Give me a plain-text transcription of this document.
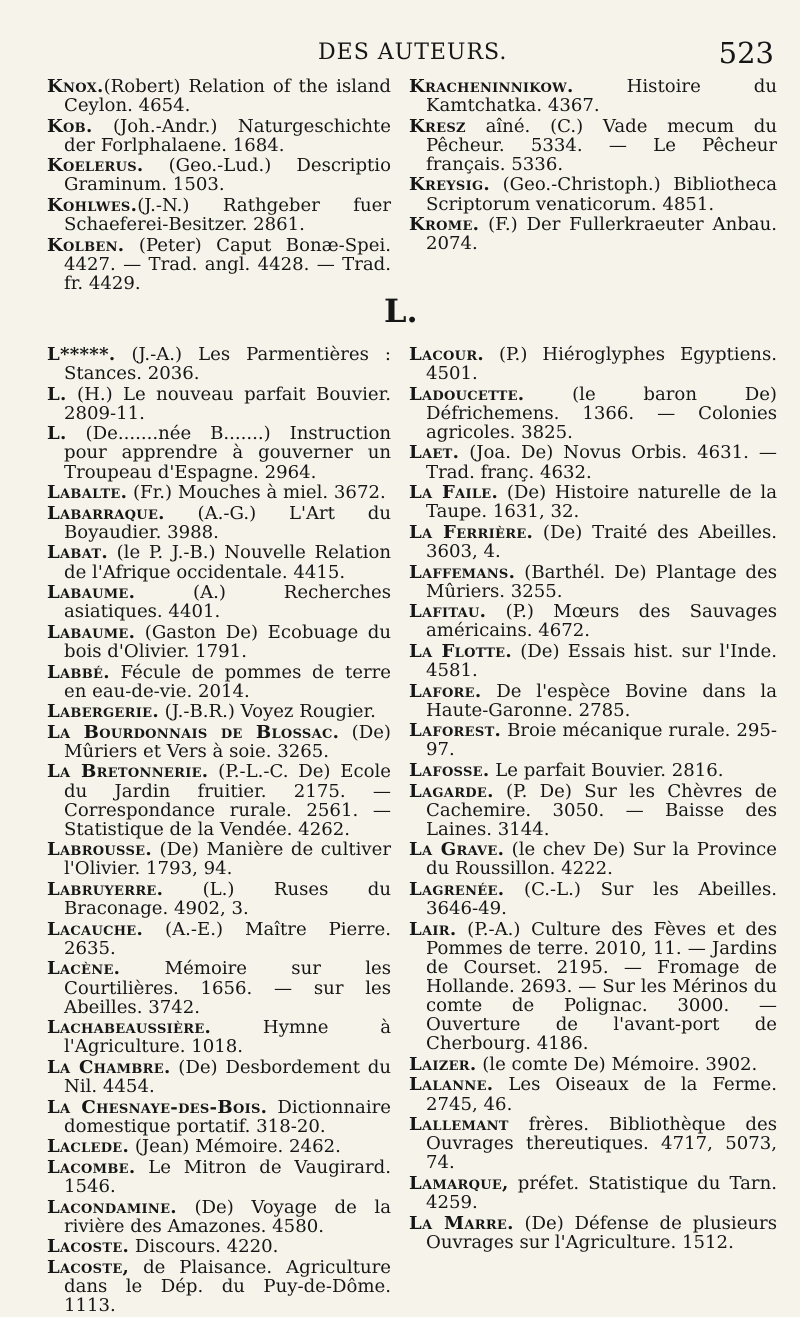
DES AUTEURS.	523

Knox.(Robert) Relation of the island Ceylon. 4654.

Kob. (Joh.-Andr.) Naturgeschichte der Forlphalaene. 1684.

Koelerus. (Geo.-Lud.) Descriptio Graminum. 1503.

Kohlwes.(J.-N.) Rathgeber fuer Schaeferei-Besitzer. 2861.

Kolben. (Peter) Caput Bonæ-Spei. 4427. — Trad. angl. 4428. — Trad. fr. 4429.

Kracheninnikow. Histoire du Kamtchatka. 4367.

Kresz aîné. (C.) Vade mecum du Pêcheur. 5334. — Le Pêcheur français. 5336.

Kreysig. (Geo.-Christoph.) Bibliotheca Scriptorum venaticorum. 4851.

Krome. (F.) Der Fullerkraeuter Anbau. 2074.

L.

L*****. (J.-A.) Les Parmentières : Stances. 2036.

L. (H.) Le nouveau parfait Bouvier. 2809-11.

L. (De.......née B.......) Instruction pour apprendre à gouverner un Troupeau d'Espagne. 2964.

Labalte. (Fr.) Mouches à miel. 3672.

Labarraque. (A.-G.) L'Art du Boyaudier. 3988.

Labat. (le P. J.-B.) Nouvelle Relation de l'Afrique occidentale. 4415.

Labaume. (A.) Recherches asiatiques. 4401.

Labaume. (Gaston De) Ecobuage du bois d'Olivier. 1791.

Labbé. Fécule de pommes de terre en eau-de-vie. 2014.

Labergerie. (J.-B.R.) Voyez Rougier.

La Bourdonnais de Blossac. (De) Mûriers et Vers à soie. 3265.

La Bretonnerie. (P.-L.-C. De) Ecole du Jardin fruitier. 2175. — Correspondance rurale. 2561. — Statistique de la Vendée. 4262.

Labrousse. (De) Manière de cultiver l'Olivier. 1793, 94.

Labruyerre. (L.) Ruses du Braconage. 4902, 3.

Lacauche. (A.-E.) Maître Pierre. 2635.

Lacène. Mémoire sur les Courtilières. 1656. — sur les Abeilles. 3742.

Lachabeaussière. Hymne à l'Agriculture. 1018.

La Chambre. (De) Desbordement du Nil. 4454.

La Chesnaye-des-Bois. Dictionnaire domestique portatif. 318-20.

Laclede. (Jean) Mémoire. 2462.

Lacombe. Le Mitron de Vaugirard. 1546.

Lacondamine. (De) Voyage de la rivière des Amazones. 4580.

Lacoste. Discours. 4220.

Lacoste, de Plaisance. Agriculture dans le Dép. du Puy-de-Dôme. 1113.

Lacour. (P.) Hiéroglyphes Egyptiens. 4501.

Ladoucette. (le baron De) Défrichemens. 1366. — Colonies agricoles. 3825.

Laet. (Joa. De) Novus Orbis. 4631. — Trad. franç. 4632.

La Faile. (De) Histoire naturelle de la Taupe. 1631, 32.

La Ferrière. (De) Traité des Abeilles. 3603, 4.

Laffemans. (Barthél. De) Plantage des Mûriers. 3255.

Lafitau. (P.) Mœurs des Sauvages américains. 4672.

La Flotte. (De) Essais hist. sur l'Inde. 4581.

Lafore. De l'espèce Bovine dans la Haute-Garonne. 2785.

Laforest. Broie mécanique rurale. 295-97.

Lafosse. Le parfait Bouvier. 2816.

Lagarde. (P. De) Sur les Chèvres de Cachemire. 3050. — Baisse des Laines. 3144.

La Grave. (le chev De) Sur la Province du Roussillon. 4222.

Lagrenée. (C.-L.) Sur les Abeilles. 3646-49.

Lair. (P.-A.) Culture des Fèves et des Pommes de terre. 2010, 11. — Jardins de Courset. 2195. — Fromage de Hollande. 2693. — Sur les Mérinos du comte de Polignac. 3000. — Ouverture de l'avant-port de Cherbourg. 4186.

Laizer. (le comte De) Mémoire. 3902.

Lalanne. Les Oiseaux de la Ferme. 2745, 46.

Lallemant frères. Bibliothèque des Ouvrages thereutiques. 4717, 5073, 74.

Lamarque, préfet. Statistique du Tarn. 4259.

La Marre. (De) Défense de plusieurs Ouvrages sur l'Agriculture. 1512.
